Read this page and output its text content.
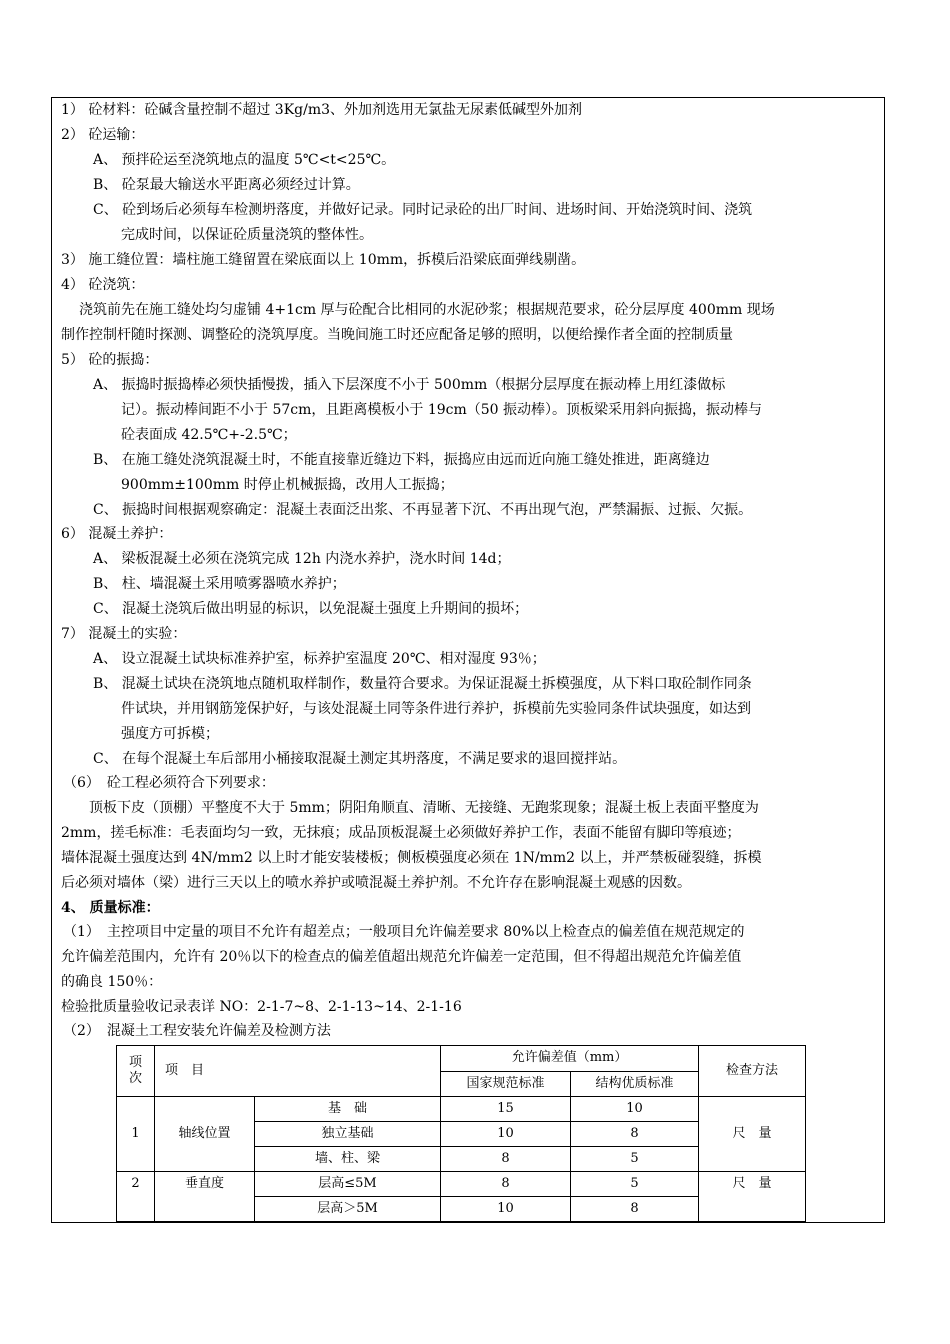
1） 砼材料：砼碱含量控制不超过 3Kg/m3、外加剂选用无氯盐无尿素低碱型外加剂
2） 砼运输：
A、 预拌砼运至浇筑地点的温度 5℃<t<25℃。
B、 砼泵最大输送水平距离必须经过计算。
C、 砼到场后必须每车检测坍落度，并做好记录。同时记录砼的出厂时间、进场时间、开始浇筑时间、浇筑
完成时间，以保证砼质量浇筑的整体性。
3） 施工缝位置：墙柱施工缝留置在梁底面以上 10mm，拆模后沿梁底面弹线剔凿。
4） 砼浇筑：
浇筑前先在施工缝处均匀虚铺 4+1cm 厚与砼配合比相同的水泥砂浆；根据规范要求，砼分层厚度 400mm 现场
制作控制杆随时探测、调整砼的浇筑厚度。当晚间施工时还应配备足够的照明，以便给操作者全面的控制质量
5） 砼的振捣：
A、 振捣时振捣棒必须快插慢拨，插入下层深度不小于 500mm（根据分层厚度在振动棒上用红漆做标
记）。振动棒间距不小于 57cm，且距离模板小于 19cm（50 振动棒）。顶板梁采用斜向振捣，振动棒与
砼表面成 42.5℃+-2.5℃；
B、 在施工缝处浇筑混凝土时，不能直接靠近缝边下料，振捣应由远而近向施工缝处推进，距离缝边
900mm±100mm 时停止机械振捣，改用人工振捣；
C、 振捣时间根据观察确定：混凝土表面泛出浆、不再显著下沉、不再出现气泡，严禁漏振、过振、欠振。
6） 混凝土养护：
A、 梁板混凝土必须在浇筑完成 12h 内浇水养护，浇水时间 14d；
B、 柱、墙混凝土采用喷雾器喷水养护；
C、 混凝土浇筑后做出明显的标识，以免混凝土强度上升期间的损坏；
7） 混凝土的实验：
A、 设立混凝土试块标准养护室，标养护室温度 20℃、相对湿度 93％；
B、 混凝土试块在浇筑地点随机取样制作，数量符合要求。为保证混凝土拆模强度，从下料口取砼制作同条
件试块，并用钢筋笼保护好，与该处混凝土同等条件进行养护，拆模前先实验同条件试块强度，如达到
强度方可拆模；
C、 在每个混凝土车后部用小桶接取混凝土测定其坍落度，不满足要求的退回搅拌站。
（6）　砼工程必须符合下列要求：
顶板下皮（顶棚）平整度不大于 5mm；阴阳角顺直、清晰、无接缝、无跑浆现象；混凝土板上表面平整度为
2mm，搓毛标准：毛表面均匀一致，无抹痕；成品顶板混凝土必须做好养护工作，表面不能留有脚印等痕迹；
墙体混凝土强度达到 4N/mm2 以上时才能安装楼板；侧板模强度必须在 1N/mm2 以上，并严禁板碰裂缝，拆模
后必须对墙体（梁）进行三天以上的喷水养护或喷混凝土养护剂。不允许存在影响混凝土观感的因数。
4、 质量标准：
（1）　主控项目中定量的项目不允许有超差点；一般项目允许偏差要求 80%以上检查点的偏差值在规范规定的
允许偏差范围内，允许有 20％以下的检查点的偏差值超出规范允许偏差一定范围，但不得超出规范允许偏差值
的确良 150％：
检验批质量验收记录表详 NO：2-1-7~8、2-1-13~14、2-1-16
（2）　混凝土工程安装允许偏差及检测方法
项
次	项　目		允许偏差值（mm）		检查方法
			国家规范标准	结构优质标准	
1	轴线位置	基　础	15	10	尺　量
		独立基础	10	8	
		墙、柱、梁	8	5	
2	垂直度	层高≤5M	8	5	尺　量
		层高＞5M	10	8	
